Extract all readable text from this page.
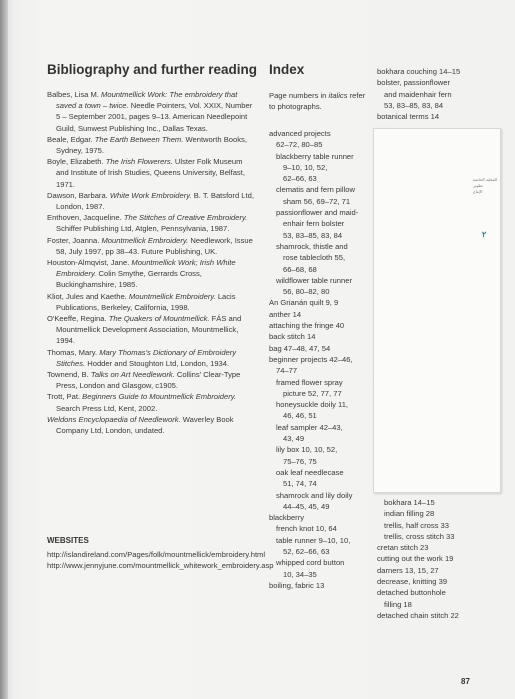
Bibliography and further reading
Balbes, Lisa M. Mountmellick Work: The embroidery that saved a town – twice. Needle Pointers, Vol. XXIX, Number 5 – September 2001, pages 9–13. American Needlepoint Guild, Sunwest Publishing Inc., Dallas Texas.
Beale, Edgar. The Earth Between Them. Wentworth Books, Sydney, 1975.
Boyle, Elizabeth. The Irish Flowerers. Ulster Folk Museum and Institute of Irish Studies, Queens University, Belfast, 1971.
Dawson, Barbara. White Work Embroidery. B. T. Batsford Ltd, London, 1987.
Enthoven, Jacqueline. The Stitches of Creative Embroidery. Schiffer Publishing Ltd, Atglen, Pennsylvania, 1987.
Foster, Joanna. Mountmellick Embroidery. Needlework, Issue 58, July 1997, pp 38–43. Future Publishing, UK.
Houston-Almqvist, Jane. Mountmellick Work; Irish White Embroidery. Colin Smythe, Gerrards Cross, Buckinghamshire, 1985.
Kliot, Jules and Kaethe. Mountmellick Embroidery. Lacis Publications, Berkeley, California, 1998.
O'Keeffe, Regina. The Quakers of Mountmellick. FÁS and Mountmellick Development Association, Mountmellick, 1994.
Thomas, Mary. Mary Thomas's Dictionary of Embroidery Stitches. Hodder and Stoughton Ltd, London, 1934.
Townend, B. Talks on Art Needlework. Collins' Clear-Type Press, London and Glasgow, c1905.
Trott, Pat. Beginners Guide to Mountmellick Embroidery. Search Press Ltd, Kent, 2002.
Weldons Encyclopaedia of Needlework. Waverley Book Company Ltd, London, undated.
WEBSITES
http://islandireland.com/Pages/folk/mountmellick/embroidery.html
http://www.jennyjune.com/mountmellick_whitework_embroidery.asp
Index
Page numbers in italics refer to photographs.
advanced projects
62–72, 80–85
blackberry table runner
9–10, 10, 52,
62–66, 63
clematis and fern pillow
sham 56, 69–72, 71
passionflower and maid-
enhair fern bolster
53, 83–85, 83, 84
shamrock, thistle and
rose tablecloth 55,
66–68, 68
wildflower table runner
56, 80–82, 80
An Grianán quilt 9, 9
anther 14
attaching the fringe 40
back stitch 14
bag 47–48, 47, 54
beginner projects 42–46,
74–77
framed flower spray
picture 52, 77, 77
honeysuckle doily 11,
46, 46, 51
leaf sampler 42–43,
43, 49
lily box 10, 10, 52,
75–76, 75
oak leaf needlecase
51, 74, 74
shamrock and lily doily
44–45, 45, 49
blackberry
french knot 10, 64
table runner 9–10, 10,
52, 62–66, 63
whipped cord button
10, 34–35
boiling, fabric 13
bokhara couching 14–15
bolster, passionflower
and maidenhair fern
53, 83–85, 83, 84
botanical terms 14
bokhara 14–15
indian filling 28
trellis, half cross 33
trellis, cross stitch 33
cretan stitch 23
cutting out the work 19
darners 13, 15, 27
decrease, knitting 39
detached buttonhole
filling 18
detached chain stitch 22
المغلية الخاصة
تطوير
الإنتاج
٢
87
